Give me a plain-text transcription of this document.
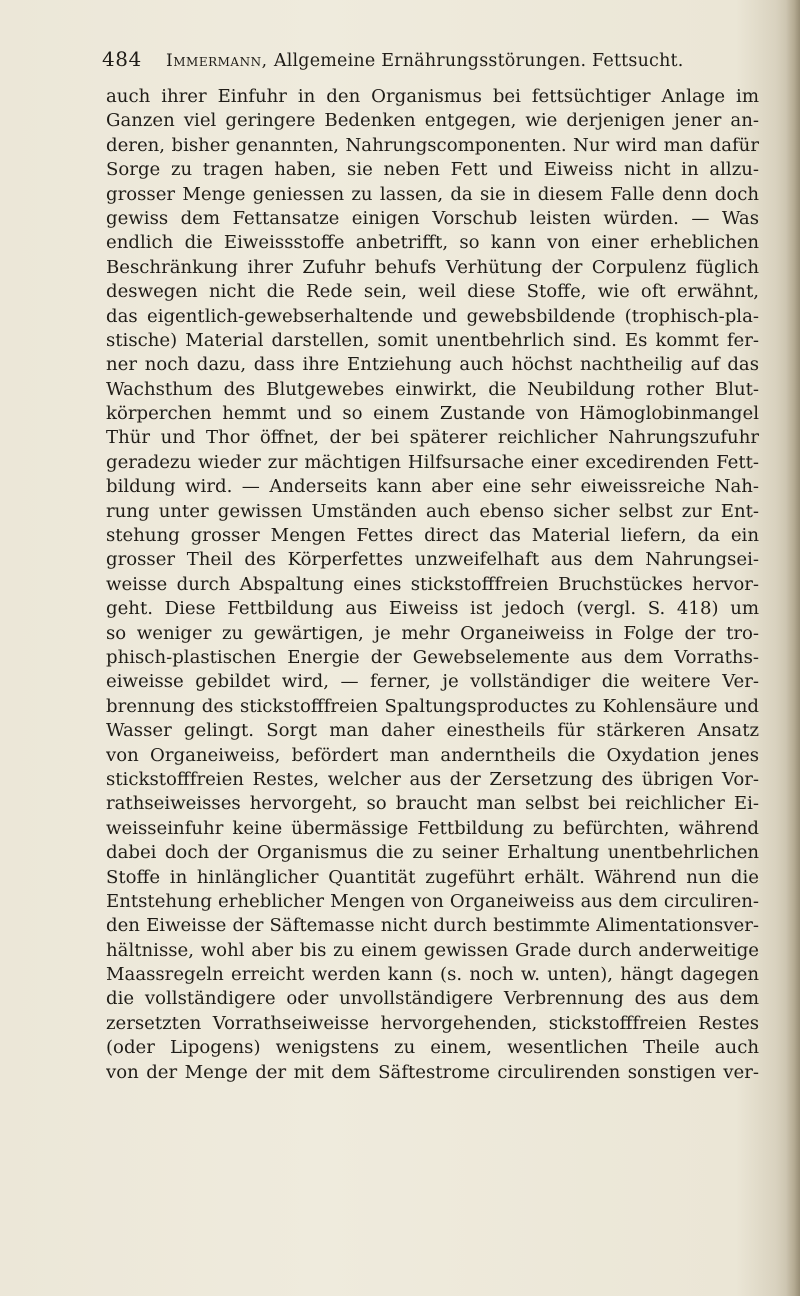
484 Immermann, Allgemeine Ernährungsstörungen. Fettsucht.
auch ihrer Einfuhr in den Organismus bei fettsüchtiger Anlage im
Ganzen viel geringere Bedenken entgegen, wie derjenigen jener an-
deren, bisher genannten, Nahrungscomponenten. Nur wird man dafür
Sorge zu tragen haben, sie neben Fett und Eiweiss nicht in allzu-
grosser Menge geniessen zu lassen, da sie in diesem Falle denn doch
gewiss dem Fettansatze einigen Vorschub leisten würden. — Was
endlich die Eiweissstoffe anbetrifft, so kann von einer erheblichen
Beschränkung ihrer Zufuhr behufs Verhütung der Corpulenz füglich
deswegen nicht die Rede sein, weil diese Stoffe, wie oft erwähnt,
das eigentlich-gewebserhaltende und gewebsbildende (trophisch-pla-
stische) Material darstellen, somit unentbehrlich sind. Es kommt fer-
ner noch dazu, dass ihre Entziehung auch höchst nachtheilig auf das
Wachsthum des Blutgewebes einwirkt, die Neubildung rother Blut-
körperchen hemmt und so einem Zustande von Hämoglobinmangel
Thür und Thor öffnet, der bei späterer reichlicher Nahrungszufuhr
geradezu wieder zur mächtigen Hilfsursache einer excedirenden Fett-
bildung wird. — Anderseits kann aber eine sehr eiweissreiche Nah-
rung unter gewissen Umständen auch ebenso sicher selbst zur Ent-
stehung grosser Mengen Fettes direct das Material liefern, da ein
grosser Theil des Körperfettes unzweifelhaft aus dem Nahrungsei-
weisse durch Abspaltung eines stickstofffreien Bruchstückes hervor-
geht. Diese Fettbildung aus Eiweiss ist jedoch (vergl. S. 418) um
so weniger zu gewärtigen, je mehr Organeiweiss in Folge der tro-
phisch-plastischen Energie der Gewebselemente aus dem Vorraths-
eiweisse gebildet wird, — ferner, je vollständiger die weitere Ver-
brennung des stickstofffreien Spaltungsproductes zu Kohlensäure und
Wasser gelingt. Sorgt man daher einestheils für stärkeren Ansatz
von Organeiweiss, befördert man anderntheils die Oxydation jenes
stickstofffreien Restes, welcher aus der Zersetzung des übrigen Vor-
rathseiweisses hervorgeht, so braucht man selbst bei reichlicher Ei-
weisseinfuhr keine übermässige Fettbildung zu befürchten, während
dabei doch der Organismus die zu seiner Erhaltung unentbehrlichen
Stoffe in hinlänglicher Quantität zugeführt erhält. Während nun die
Entstehung erheblicher Mengen von Organeiweiss aus dem circuliren-
den Eiweisse der Säftemasse nicht durch bestimmte Alimentationsver-
hältnisse, wohl aber bis zu einem gewissen Grade durch anderweitige
Maassregeln erreicht werden kann (s. noch w. unten), hängt dagegen
die vollständigere oder unvollständigere Verbrennung des aus dem
zersetzten Vorrathseiweisse hervorgehenden, stickstofffreien Restes
(oder Lipogens) wenigstens zu einem, wesentlichen Theile auch
von der Menge der mit dem Säftestrome circulirenden sonstigen ver-
